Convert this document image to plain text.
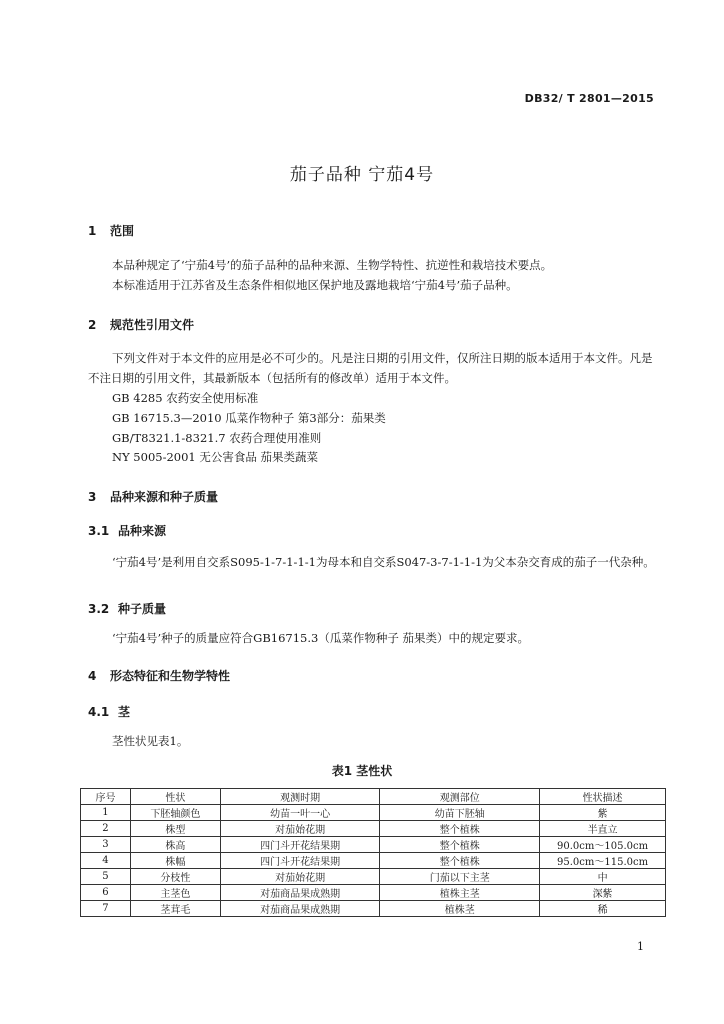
DB32/ T 2801—2015
茄子品种 宁茄4号
1 范围
本品种规定了‘宁茄4号’的茄子品种的品种来源、生物学特性、抗逆性和栽培技术要点。
本标准适用于江苏省及生态条件相似地区保护地及露地栽培‘宁茄4号’茄子品种。
2 规范性引用文件
下列文件对于本文件的应用是必不可少的。凡是注日期的引用文件，仅所注日期的版本适用于本文件。凡是不注日期的引用文件，其最新版本（包括所有的修改单）适用于本文件。
GB 4285 农药安全使用标准
GB 16715.3—2010 瓜菜作物种子 第3部分：茄果类
GB/T8321.1-8321.7 农药合理使用准则
NY 5005-2001 无公害食品 茄果类蔬菜
3 品种来源和种子质量
3.1 品种来源
‘宁茄4号’是利用自交系S095-1-7-1-1-1为母本和自交系S047-3-7-1-1-1为父本杂交育成的茄子一代杂种。
3.2 种子质量
‘宁茄4号’种子的质量应符合GB16715.3（瓜菜作物种子 茄果类）中的规定要求。
4 形态特征和生物学特性
4.1 茎
茎性状见表1。
表1 茎性状
序号	性状	观测时期	观测部位	性状描述
1	下胚轴颜色	幼苗一叶一心	幼苗下胚轴	紫
2	株型	对茄始花期	整个植株	半直立
3	株高	四门斗开花结果期	整个植株	90.0cm～105.0cm
4	株幅	四门斗开花结果期	整个植株	95.0cm～115.0cm
5	分枝性	对茄始花期	门茄以下主茎	中
6	主茎色	对茄商品果成熟期	植株主茎	深紫
7	茎茸毛	对茄商品果成熟期	植株茎	稀
1
